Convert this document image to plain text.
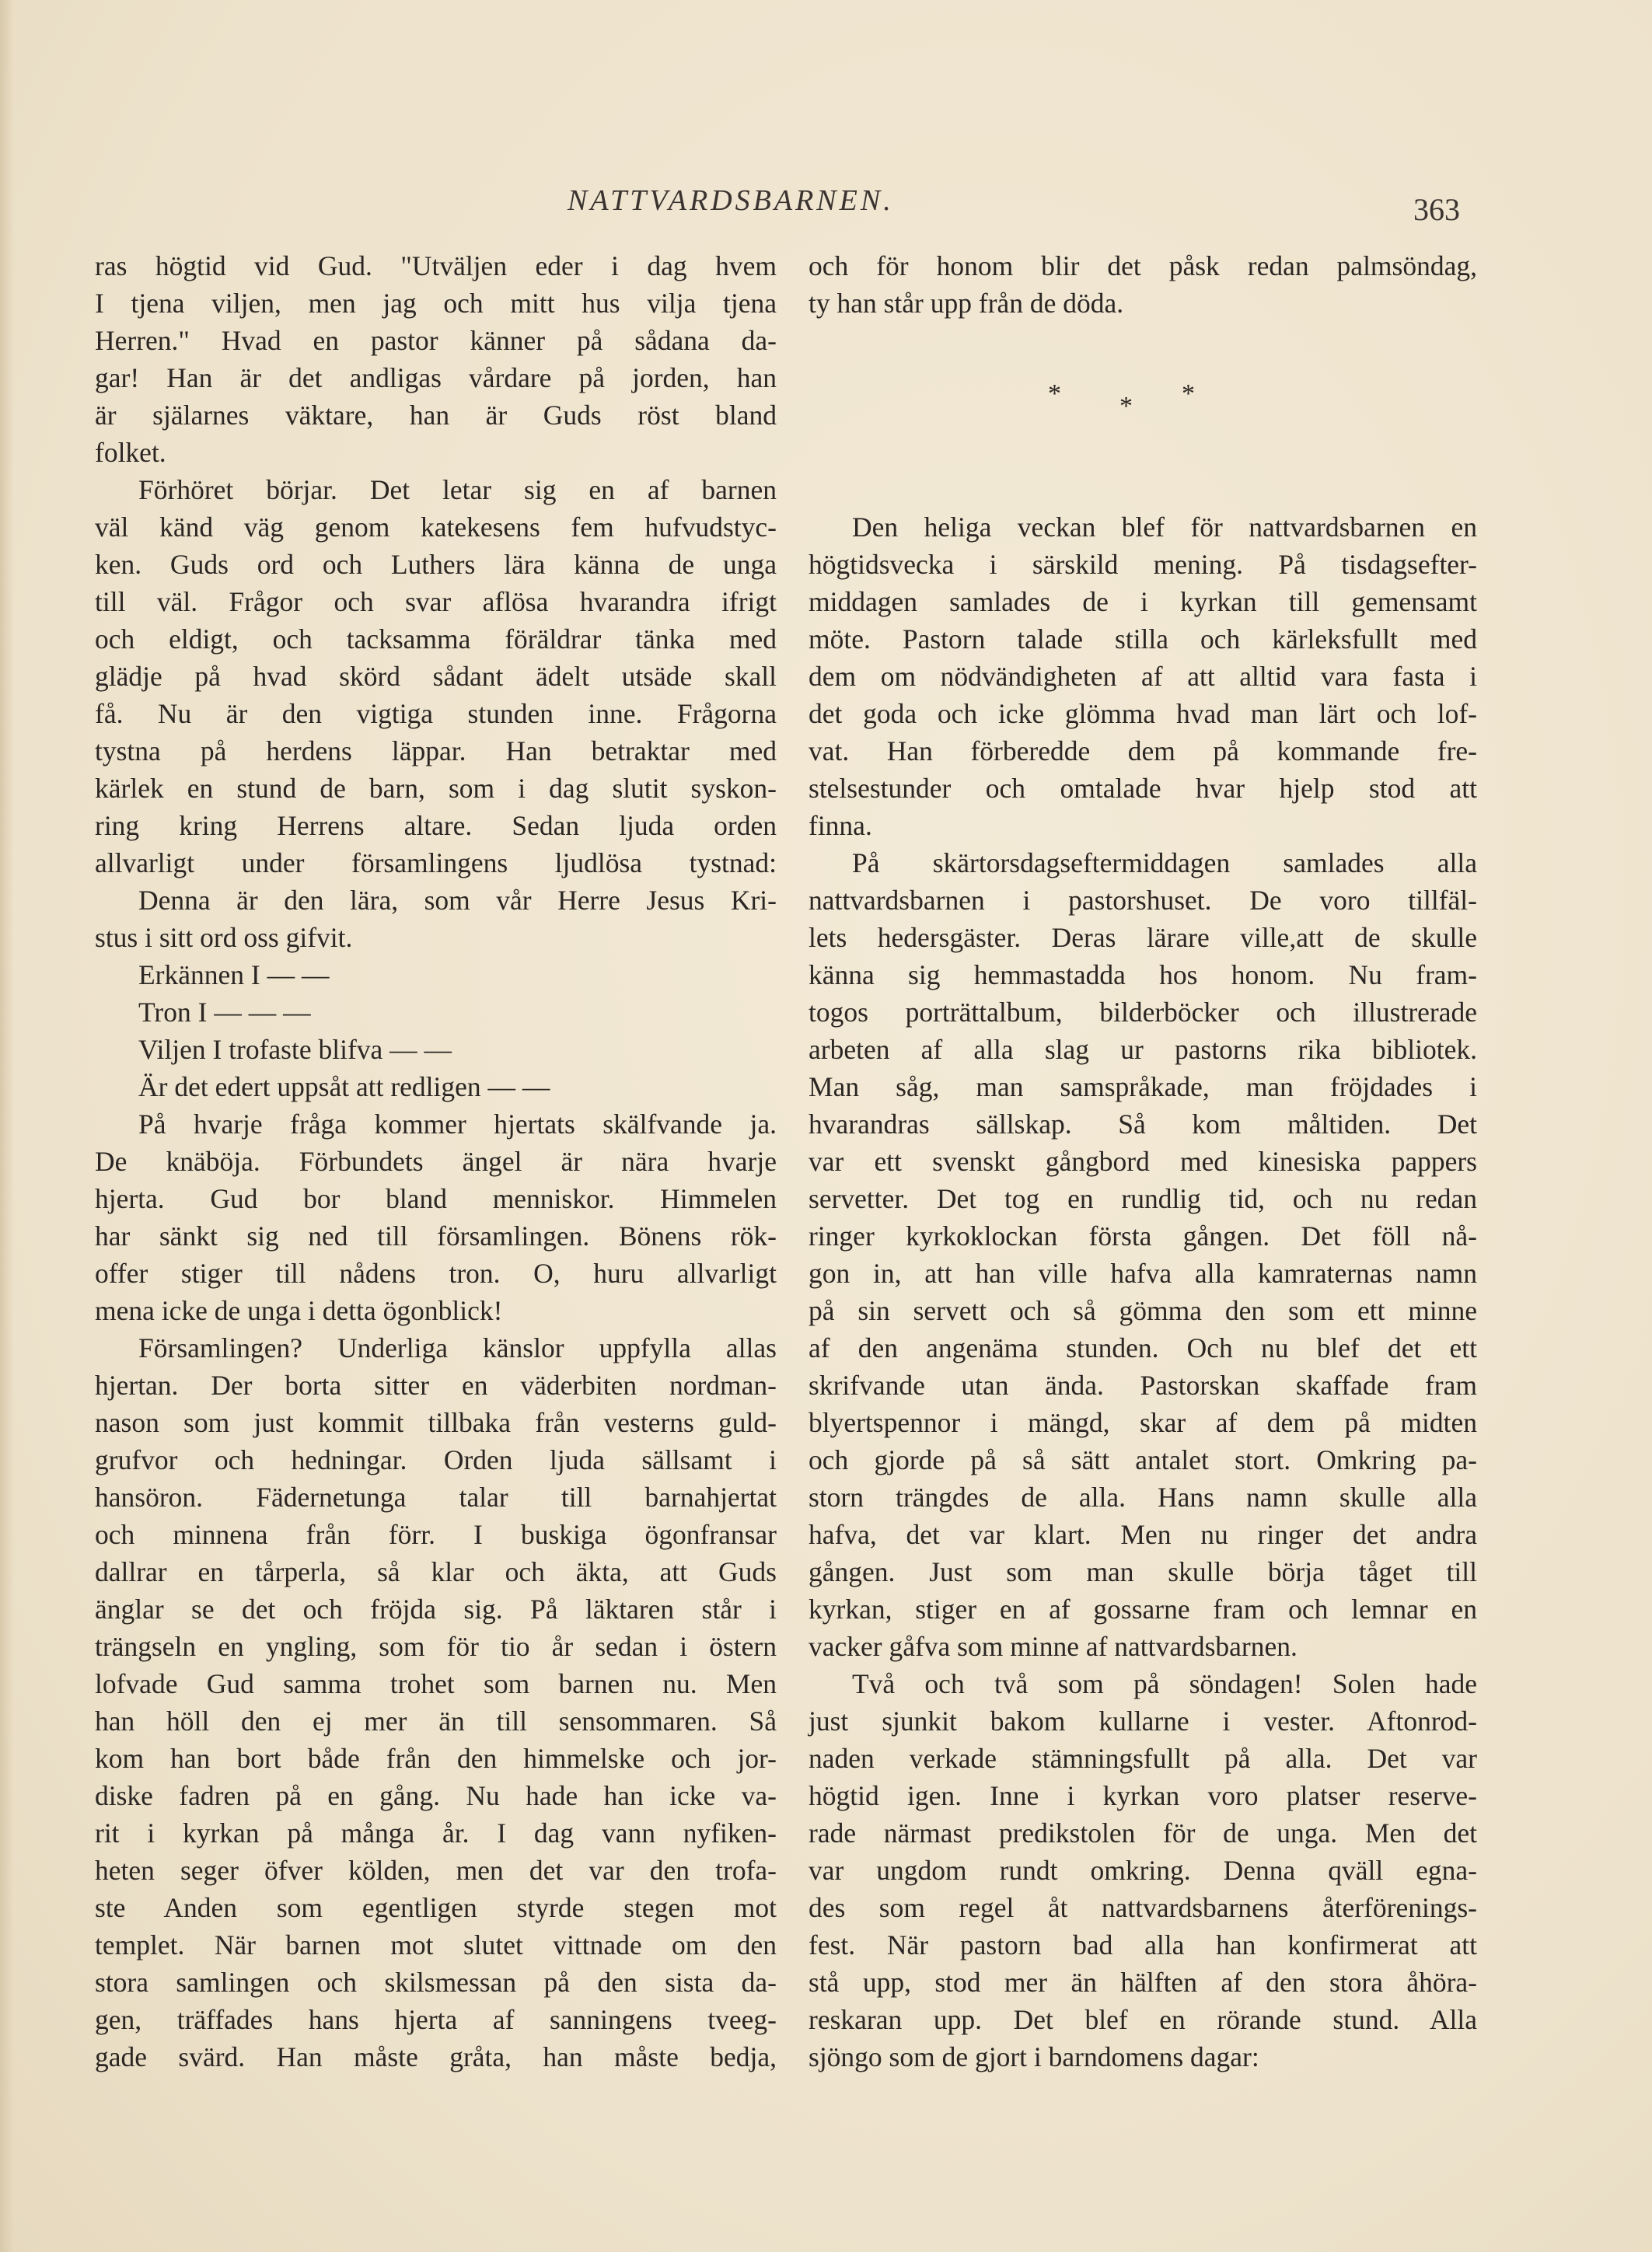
NATTVARDSBARNEN.	363
ras högtid vid Gud. "Utväljen eder i dag hvem
I tjena viljen, men jag och mitt hus vilja tjena
Herren." Hvad en pastor känner på sådana da-
gar! Han är det andligas vårdare på jorden, han
är själarnes väktare, han är Guds röst bland
folket.
Förhöret börjar. Det letar sig en af barnen
väl känd väg genom katekesens fem hufvudstyc-
ken. Guds ord och Luthers lära känna de unga
till väl. Frågor och svar aflösa hvarandra ifrigt
och eldigt, och tacksamma föräldrar tänka med
glädje på hvad skörd sådant ädelt utsäde skall
få. Nu är den vigtiga stunden inne. Frågorna
tystna på herdens läppar. Han betraktar med
kärlek en stund de barn, som i dag slutit syskon-
ring kring Herrens altare. Sedan ljuda orden
allvarligt under församlingens ljudlösa tystnad:
Denna är den lära, som vår Herre Jesus Kri-
stus i sitt ord oss gifvit.
Erkännen I — —
Tron I — — —
Viljen I trofaste blifva — —
Är det edert uppsåt att redligen — —
På hvarje fråga kommer hjertats skälfvande ja.
De knäböja. Förbundets ängel är nära hvarje
hjerta. Gud bor bland menniskor. Himmelen
har sänkt sig ned till församlingen. Bönens rök-
offer stiger till nådens tron. O, huru allvarligt
mena icke de unga i detta ögonblick!
Församlingen? Underliga känslor uppfylla allas
hjertan. Der borta sitter en väderbiten nordman-
nason som just kommit tillbaka från vesterns guld-
grufvor och hedningar. Orden ljuda sällsamt i
hansöron. Fädernetunga talar till barnahjertat
och minnena från förr. I buskiga ögonfransar
dallrar en tårperla, så klar och äkta, att Guds
änglar se det och fröjda sig. På läktaren står i
trängseln en yngling, som för tio år sedan i östern
lofvade Gud samma trohet som barnen nu. Men
han höll den ej mer än till sensommaren. Så
kom han bort både från den himmelske och jor-
diske fadren på en gång. Nu hade han icke va-
rit i kyrkan på många år. I dag vann nyfiken-
heten seger öfver kölden, men det var den trofa-
ste Anden som egentligen styrde stegen mot
templet. När barnen mot slutet vittnade om den
stora samlingen och skilsmessan på den sista da-
gen, träffades hans hjerta af sanningens tveeg-
gade svärd. Han måste gråta, han måste bedja,
och för honom blir det påsk redan palmsöndag,
ty han står upp från de döda.
* * *
Den heliga veckan blef för nattvardsbarnen en
högtidsvecka i särskild mening. På tisdagsefter-
middagen samlades de i kyrkan till gemensamt
möte. Pastorn talade stilla och kärleksfullt med
dem om nödvändigheten af att alltid vara fasta i
det goda och icke glömma hvad man lärt och lof-
vat. Han förberedde dem på kommande fre-
stelsestunder och omtalade hvar hjelp stod att
finna.
På skärtorsdagseftermiddagen samlades alla
nattvardsbarnen i pastorshuset. De voro tillfäl-
lets hedersgäster. Deras lärare ville,att de skulle
känna sig hemmastadda hos honom. Nu fram-
togos porträttalbum, bilderböcker och illustrerade
arbeten af alla slag ur pastorns rika bibliotek.
Man såg, man samspråkade, man fröjdades i
hvarandras sällskap. Så kom måltiden. Det
var ett svenskt gångbord med kinesiska pappers
servetter. Det tog en rundlig tid, och nu redan
ringer kyrkoklockan första gången. Det föll nå-
gon in, att han ville hafva alla kamraternas namn
på sin servett och så gömma den som ett minne
af den angenäma stunden. Och nu blef det ett
skrifvande utan ända. Pastorskan skaffade fram
blyertspennor i mängd, skar af dem på midten
och gjorde på så sätt antalet stort. Omkring pa-
storn trängdes de alla. Hans namn skulle alla
hafva, det var klart. Men nu ringer det andra
gången. Just som man skulle börja tåget till
kyrkan, stiger en af gossarne fram och lemnar en
vacker gåfva som minne af nattvardsbarnen.
Två och två som på söndagen! Solen hade
just sjunkit bakom kullarne i vester. Aftonrod-
naden verkade stämningsfullt på alla. Det var
högtid igen. Inne i kyrkan voro platser reserve-
rade närmast predikstolen för de unga. Men det
var ungdom rundt omkring. Denna qväll egna-
des som regel åt nattvardsbarnens återförenings-
fest. När pastorn bad alla han konfirmerat att
stå upp, stod mer än hälften af den stora åhöra-
reskaran upp. Det blef en rörande stund. Alla
sjöngo som de gjort i barndomens dagar:
